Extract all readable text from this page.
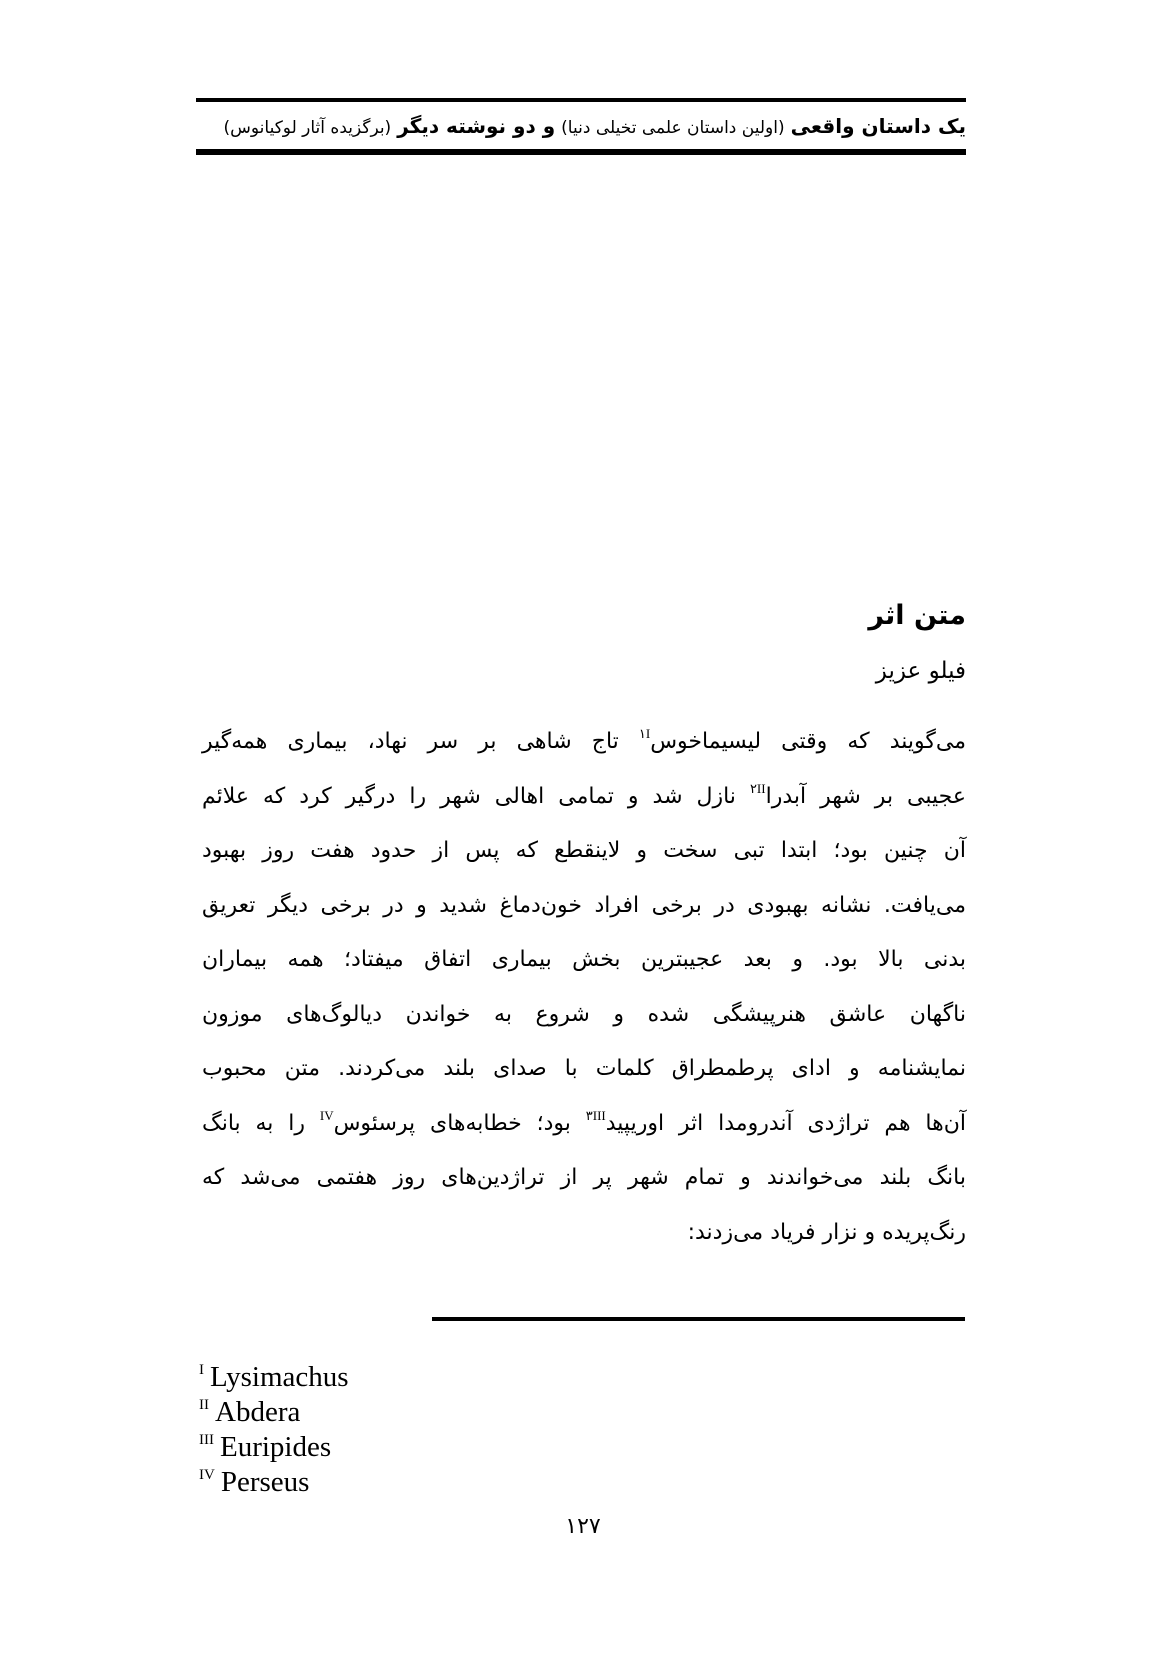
یک داستان واقعی (اولین داستان علمی تخیلی دنیا) و دو نوشته دیگر (برگزیده آثار لوکیانوس)
متن اثر
فیلو عزیز
می‌گویند که وقتی لیسیماخوس$^{۱I}$ تاج شاهی بر سر نهاد، بیماری همه‌گیر
عجیبی بر شهر آبدرا$^{۲II}$ نازل شد و تمامی اهالی شهر را درگیر کرد که علائم
آن چنین بود؛ ابتدا تبی سخت و لاینقطع که پس از حدود هفت روز بهبود
می‌یافت. نشانه بهبودی در برخی افراد خون‌دماغ شدید و در برخی دیگر تعریق
بدنی بالا بود. و بعد عجیبترین بخش بیماری اتفاق میفتاد؛ همه بیماران
ناگهان عاشق هنرپیشگی شده و شروع به خواندن دیالوگ‌های موزون
نمایشنامه و ادای پرطمطراق کلمات با صدای بلند می‌کردند. متن محبوب
آن‌ها هم تراژدی آندرومدا اثر اوریپید$^{۳III}$ بود؛ خطابه‌های پرسئوس$^{IV}$ را به بانگ
بانگ بلند می‌خواندند و تمام شهر پر از تراژدین‌های روز هفتمی می‌شد که
رنگ‌پریده و نزار فریاد می‌زدند:
$^I$ Lysimachus
$^{II}$ Abdera
$^{III}$ Euripides
$^{IV}$ Perseus
۱۲۷
